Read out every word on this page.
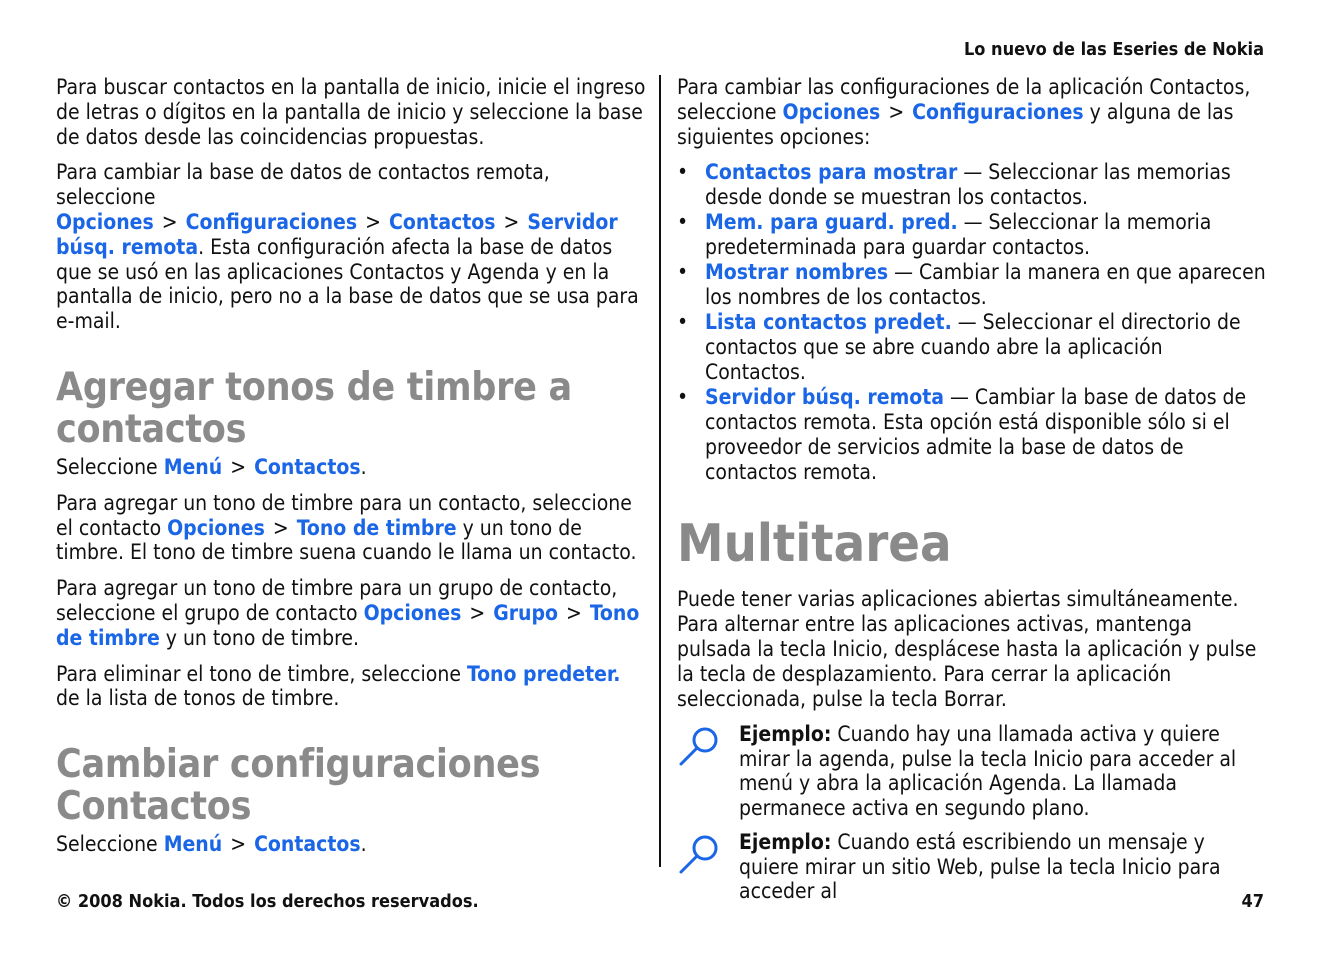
Lo nuevo de las Eseries de Nokia

Para buscar contactos en la pantalla de inicio, inicie el ingreso de letras o dígitos en la pantalla de inicio y seleccione la base de datos desde las coincidencias propuestas.

Para cambiar la base de datos de contactos remota, seleccione Opciones > Configuraciones > Contactos > Servidor búsq. remota. Esta configuración afecta la base de datos que se usó en las aplicaciones Contactos y Agenda y en la pantalla de inicio, pero no a la base de datos que se usa para e-mail.

Agregar tonos de timbre a contactos

Seleccione Menú > Contactos.

Para agregar un tono de timbre para un contacto, seleccione el contacto Opciones > Tono de timbre y un tono de timbre. El tono de timbre suena cuando le llama un contacto.

Para agregar un tono de timbre para un grupo de contacto, seleccione el grupo de contacto Opciones > Grupo > Tono de timbre y un tono de timbre.

Para eliminar el tono de timbre, seleccione Tono predeter. de la lista de tonos de timbre.

Cambiar configuraciones Contactos

Seleccione Menú > Contactos.

Para cambiar las configuraciones de la aplicación Contactos, seleccione Opciones > Configuraciones y alguna de las siguientes opciones:

• Contactos para mostrar — Seleccionar las memorias desde donde se muestran los contactos.
• Mem. para guard. pred. — Seleccionar la memoria predeterminada para guardar contactos.
• Mostrar nombres — Cambiar la manera en que aparecen los nombres de los contactos.
• Lista contactos predet. — Seleccionar el directorio de contactos que se abre cuando abre la aplicación Contactos.
• Servidor búsq. remota — Cambiar la base de datos de contactos remota. Esta opción está disponible sólo si el proveedor de servicios admite la base de datos de contactos remota.
Multitarea

Puede tener varias aplicaciones abiertas simultáneamente. Para alternar entre las aplicaciones activas, mantenga pulsada la tecla Inicio, desplácese hasta la aplicación y pulse la tecla de desplazamiento. Para cerrar la aplicación seleccionada, pulse la tecla Borrar.

Ejemplo: Cuando hay una llamada activa y quiere mirar la agenda, pulse la tecla Inicio para acceder al menú y abra la aplicación Agenda. La llamada permanece activa en segundo plano.
Ejemplo: Cuando está escribiendo un mensaje y quiere mirar un sitio Web, pulse la tecla Inicio para acceder al
© 2008 Nokia. Todos los derechos reservados.	47
